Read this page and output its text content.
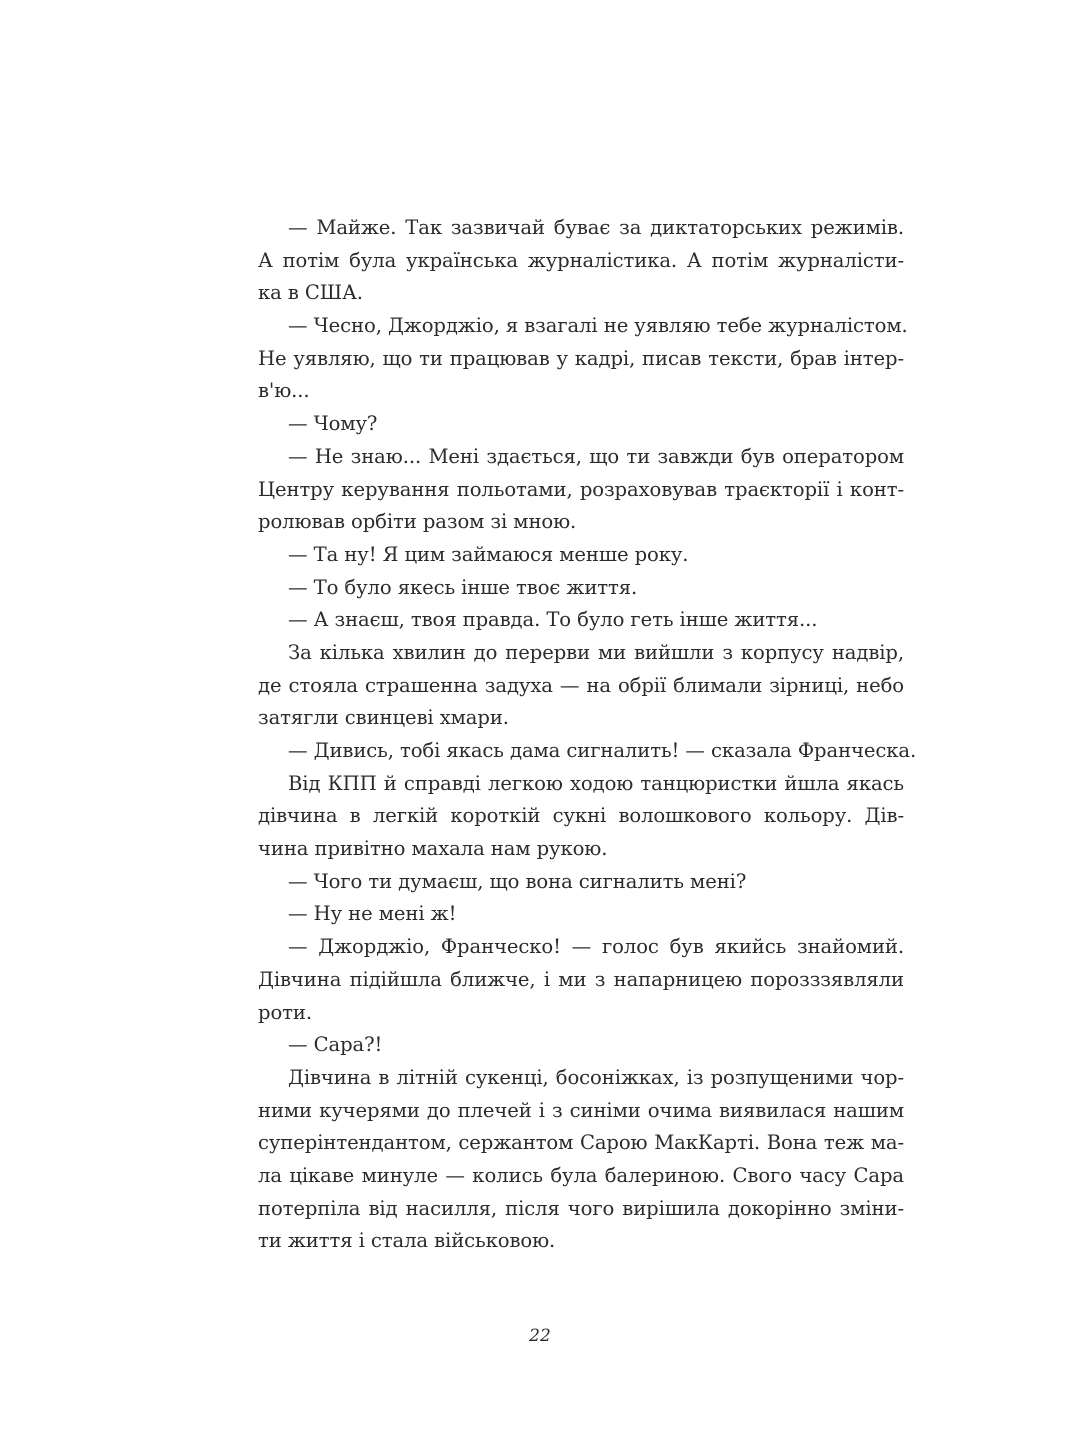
— Майже. Так зазвичай буває за диктаторських режимів.
А потім була українська журналістика. А потім журналісти-
ка в США.
— Чесно, Джорджіо, я взагалі не уявляю тебе журналістом.
Не уявляю, що ти працював у кадрі, писав тексти, брав інтер-
в'ю...
— Чому?
— Не знаю... Мені здається, що ти завжди був оператором
Центру керування польотами, розраховував траєкторії і конт-
ролював орбіти разом зі мною.
— Та ну! Я цим займаюся менше року.
— То було якесь інше твоє життя.
— А знаєш, твоя правда. То було геть інше життя...
За кілька хвилин до перерви ми вийшли з корпусу надвір,
де стояла страшенна задуха — на обрії блимали зірниці, небо
затягли свинцеві хмари.
— Дивись, тобі якась дама сигналить! — сказала Франческа.
Від КПП й справді легкою ходою танцюристки йшла якась
дівчина в легкій короткій сукні волошкового кольору. Дів-
чина привітно махала нам рукою.
— Чого ти думаєш, що вона сигналить мені?
— Ну не мені ж!
— Джорджіо, Франческо! — голос був якийсь знайомий.
Дівчина підійшла ближче, і ми з напарницею порозззявляли
роти.
— Сара?!
Дівчина в літній сукенці, босоніжках, із розпущеними чор-
ними кучерями до плечей і з синіми очима виявилася нашим
суперінтендантом, сержантом Сарою МакКарті. Вона теж ма-
ла цікаве минуле — колись була балериною. Свого часу Сара
потерпіла від насилля, після чого вирішила докорінно зміни-
ти життя і стала військовою.
22
